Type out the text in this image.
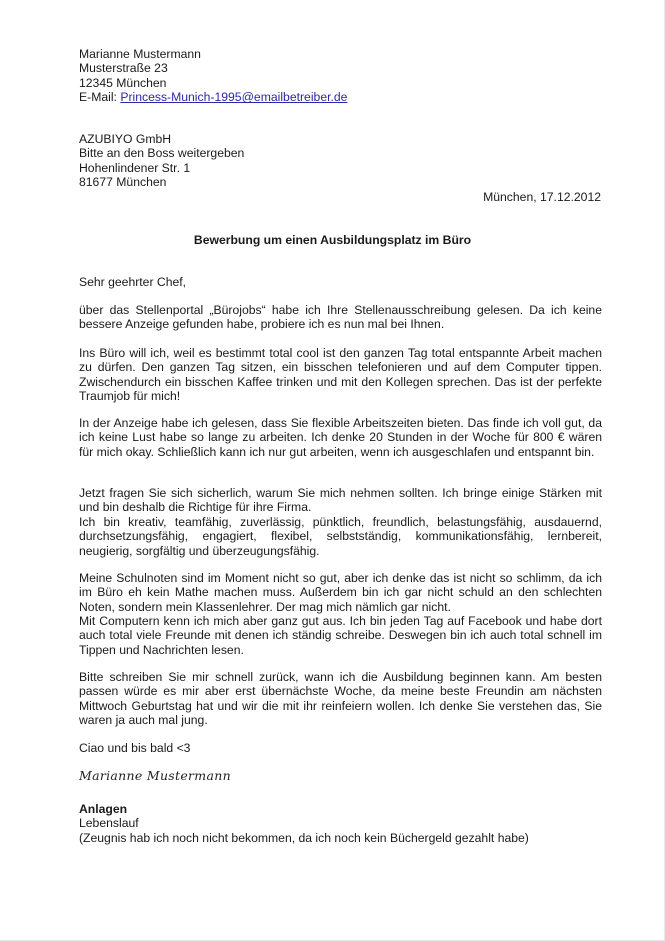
Marianne Mustermann
Musterstraße 23
12345 München
E-Mail: Princess-Munich-1995@emailbetreiber.de
AZUBIYO GmbH
Bitte an den Boss weitergeben
Hohenlindener Str. 1
81677 München
München, 17.12.2012
Bewerbung um einen Ausbildungsplatz im Büro
Sehr geehrter Chef,

über das Stellenportal „Bürojobs“ habe ich Ihre Stellenausschreibung gelesen. Da ich keine bessere Anzeige gefunden habe, probiere ich es nun mal bei Ihnen.

Ins Büro will ich, weil es bestimmt total cool ist den ganzen Tag total entspannte Arbeit machen zu dürfen. Den ganzen Tag sitzen, ein bisschen telefonieren und auf dem Computer tippen. Zwischendurch ein bisschen Kaffee trinken und mit den Kollegen sprechen. Das ist der perfekte Traumjob für mich!

In der Anzeige habe ich gelesen, dass Sie flexible Arbeitszeiten bieten. Das finde ich voll gut, da ich keine Lust habe so lange zu arbeiten. Ich denke 20 Stunden in der Woche für 800 € wären für mich okay. Schließlich kann ich nur gut arbeiten, wenn ich ausgeschlafen und entspannt bin.

Jetzt fragen Sie sich sicherlich, warum Sie mich nehmen sollten. Ich bringe einige Stärken mit und bin deshalb die Richtige für ihre Firma.

Ich bin kreativ, teamfähig, zuverlässig, pünktlich, freundlich, belastungsfähig, ausdauernd, durchsetzungsfähig, engagiert, flexibel, selbstständig, kommunikationsfähig, lernbereit, neugierig, sorgfältig und überzeugungsfähig.

Meine Schulnoten sind im Moment nicht so gut, aber ich denke das ist nicht so schlimm, da ich im Büro eh kein Mathe machen muss. Außerdem bin ich gar nicht schuld an den schlechten Noten, sondern mein Klassenlehrer. Der mag mich nämlich gar nicht.

Mit Computern kenn ich mich aber ganz gut aus. Ich bin jeden Tag auf Facebook und habe dort auch total viele Freunde mit denen ich ständig schreibe. Deswegen bin ich auch total schnell im Tippen und Nachrichten lesen.

Bitte schreiben Sie mir schnell zurück, wann ich die Ausbildung beginnen kann. Am besten passen würde es mir aber erst übernächste Woche, da meine beste Freundin am nächsten Mittwoch Geburtstag hat und wir die mit ihr reinfeiern wollen. Ich denke Sie verstehen das, Sie waren ja auch mal jung.

Ciao und bis bald <3
Marianne Mustermann
Anlagen
Lebenslauf
(Zeugnis hab ich noch nicht bekommen, da ich noch kein Büchergeld gezahlt habe)
